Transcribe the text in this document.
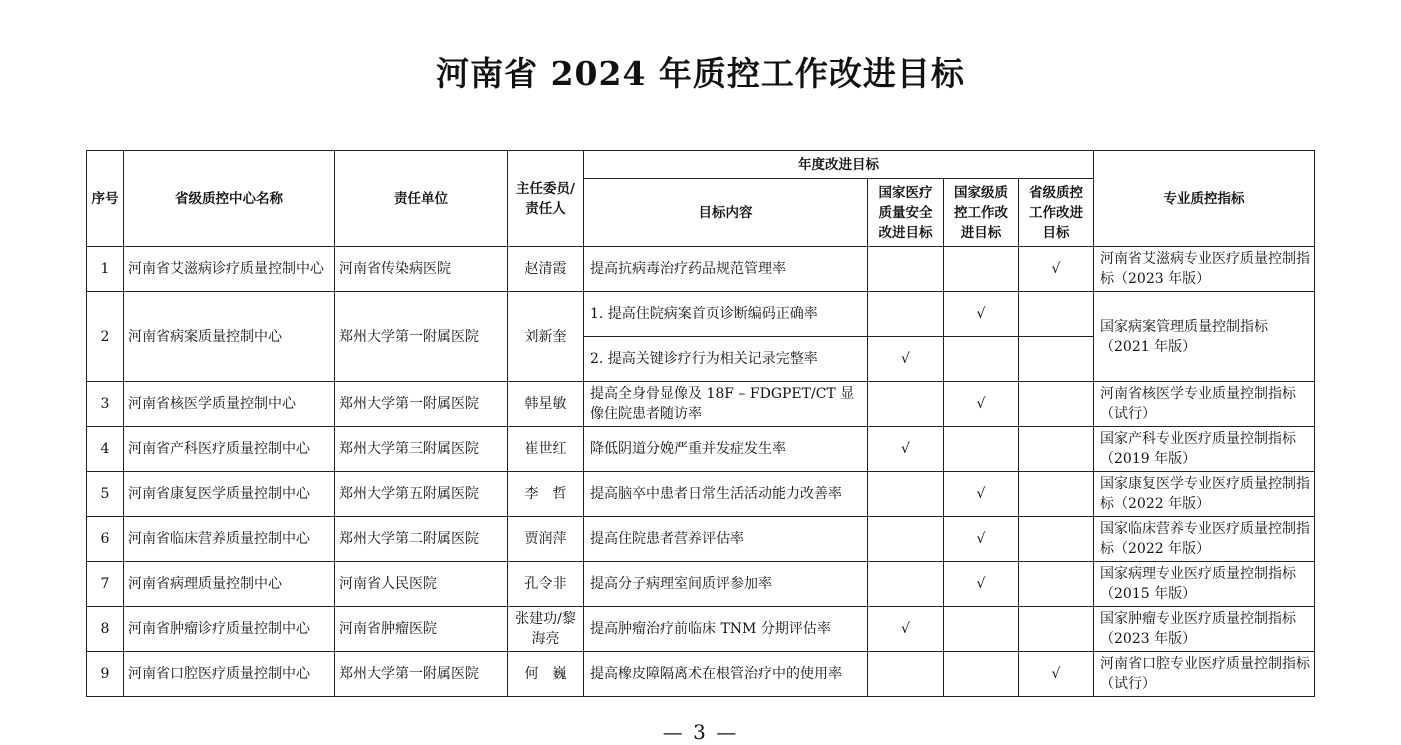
河南省 2024 年质控工作改进目标
序号	省级质控中心名称	责任单位	主任委员/责任人	年度改进目标				专业质控指标
				目标内容	国家医疗质量安全改进目标	国家级质控工作改进目标	省级质控工作改进目标	
1	河南省艾滋病诊疗质量控制中心	河南省传染病医院	赵清霞	提高抗病毒治疗药品规范管理率			√	河南省艾滋病专业医疗质量控制指标（2023 年版）
2	河南省病案质量控制中心	郑州大学第一附属医院	刘新奎	1. 提高住院病案首页诊断编码正确率		√		国家病案管理质量控制指标（2021 年版）
				2. 提高关键诊疗行为相关记录完整率	√			
3	河南省核医学质量控制中心	郑州大学第一附属医院	韩星敏	提高全身骨显像及 18F – FDGPET/CT 显像住院患者随访率		√		河南省核医学专业质量控制指标（试行）
4	河南省产科医疗质量控制中心	郑州大学第三附属医院	崔世红	降低阴道分娩严重并发症发生率	√			国家产科专业医疗质量控制指标（2019 年版）
5	河南省康复医学质量控制中心	郑州大学第五附属医院	李　哲	提高脑卒中患者日常生活活动能力改善率		√		国家康复医学专业医疗质量控制指标（2022 年版）
6	河南省临床营养质量控制中心	郑州大学第二附属医院	贾润萍	提高住院患者营养评估率		√		国家临床营养专业医疗质量控制指标（2022 年版）
7	河南省病理质量控制中心	河南省人民医院	孔令非	提高分子病理室间质评参加率		√		国家病理专业医疗质量控制指标（2015 年版）
8	河南省肿瘤诊疗质量控制中心	河南省肿瘤医院	张建功/黎海亮	提高肿瘤治疗前临床 TNM 分期评估率	√			国家肿瘤专业医疗质量控制指标（2023 年版）
9	河南省口腔医疗质量控制中心	郑州大学第一附属医院	何　巍	提高橡皮障隔离术在根管治疗中的使用率			√	河南省口腔专业医疗质量控制指标（试行）
— 3 —
